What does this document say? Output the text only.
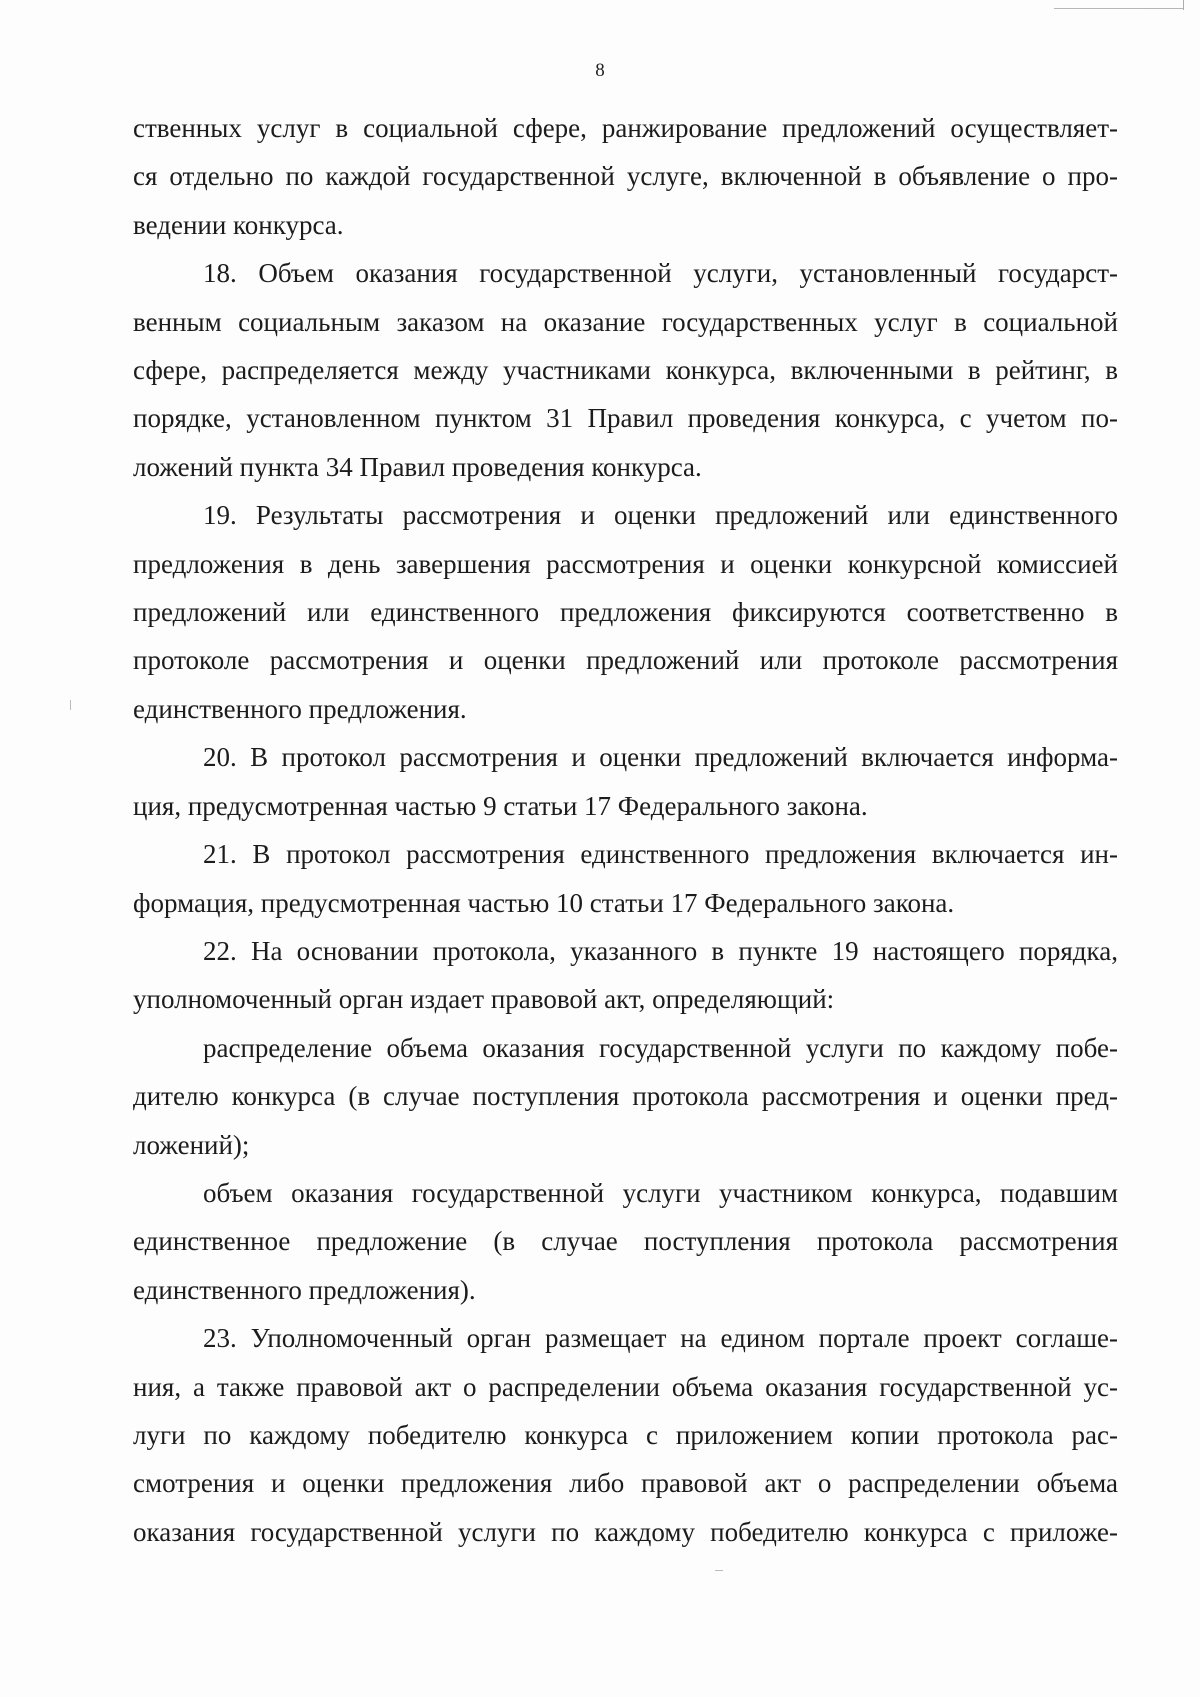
8

ственных услуг в социальной сфере, ранжирование предложений осуществляет-
ся отдельно по каждой государственной услуге, включенной в объявление о про-
ведении конкурса.

18. Объем оказания государственной услуги, установленный государст-
венным социальным заказом на оказание государственных услуг в социальной
сфере, распределяется между участниками конкурса, включенными в рейтинг, в
порядке, установленном пунктом 31 Правил проведения конкурса, с учетом по-
ложений пункта 34 Правил проведения конкурса.

19. Результаты рассмотрения и оценки предложений или единственного
предложения в день завершения рассмотрения и оценки конкурсной комиссией
предложений или единственного предложения фиксируются соответственно в
протоколе рассмотрения и оценки предложений или протоколе рассмотрения
единственного предложения.

20. В протокол рассмотрения и оценки предложений включается информа-
ция, предусмотренная частью 9 статьи 17 Федерального закона.

21. В протокол рассмотрения единственного предложения включается ин-
формация, предусмотренная частью 10 статьи 17 Федерального закона.

22. На основании протокола, указанного в пункте 19 настоящего порядка,
уполномоченный орган издает правовой акт, определяющий:

распределение объема оказания государственной услуги по каждому побе-
дителю конкурса (в случае поступления протокола рассмотрения и оценки пред-
ложений);

объем оказания государственной услуги участником конкурса, подавшим
единственное предложение (в случае поступления протокола рассмотрения
единственного предложения).

23. Уполномоченный орган размещает на едином портале проект соглаше-
ния, а также правовой акт о распределении объема оказания государственной ус-
луги по каждому победителю конкурса с приложением копии протокола рас-
смотрения и оценки предложения либо правовой акт о распределении объема
оказания государственной услуги по каждому победителю конкурса с приложе-
